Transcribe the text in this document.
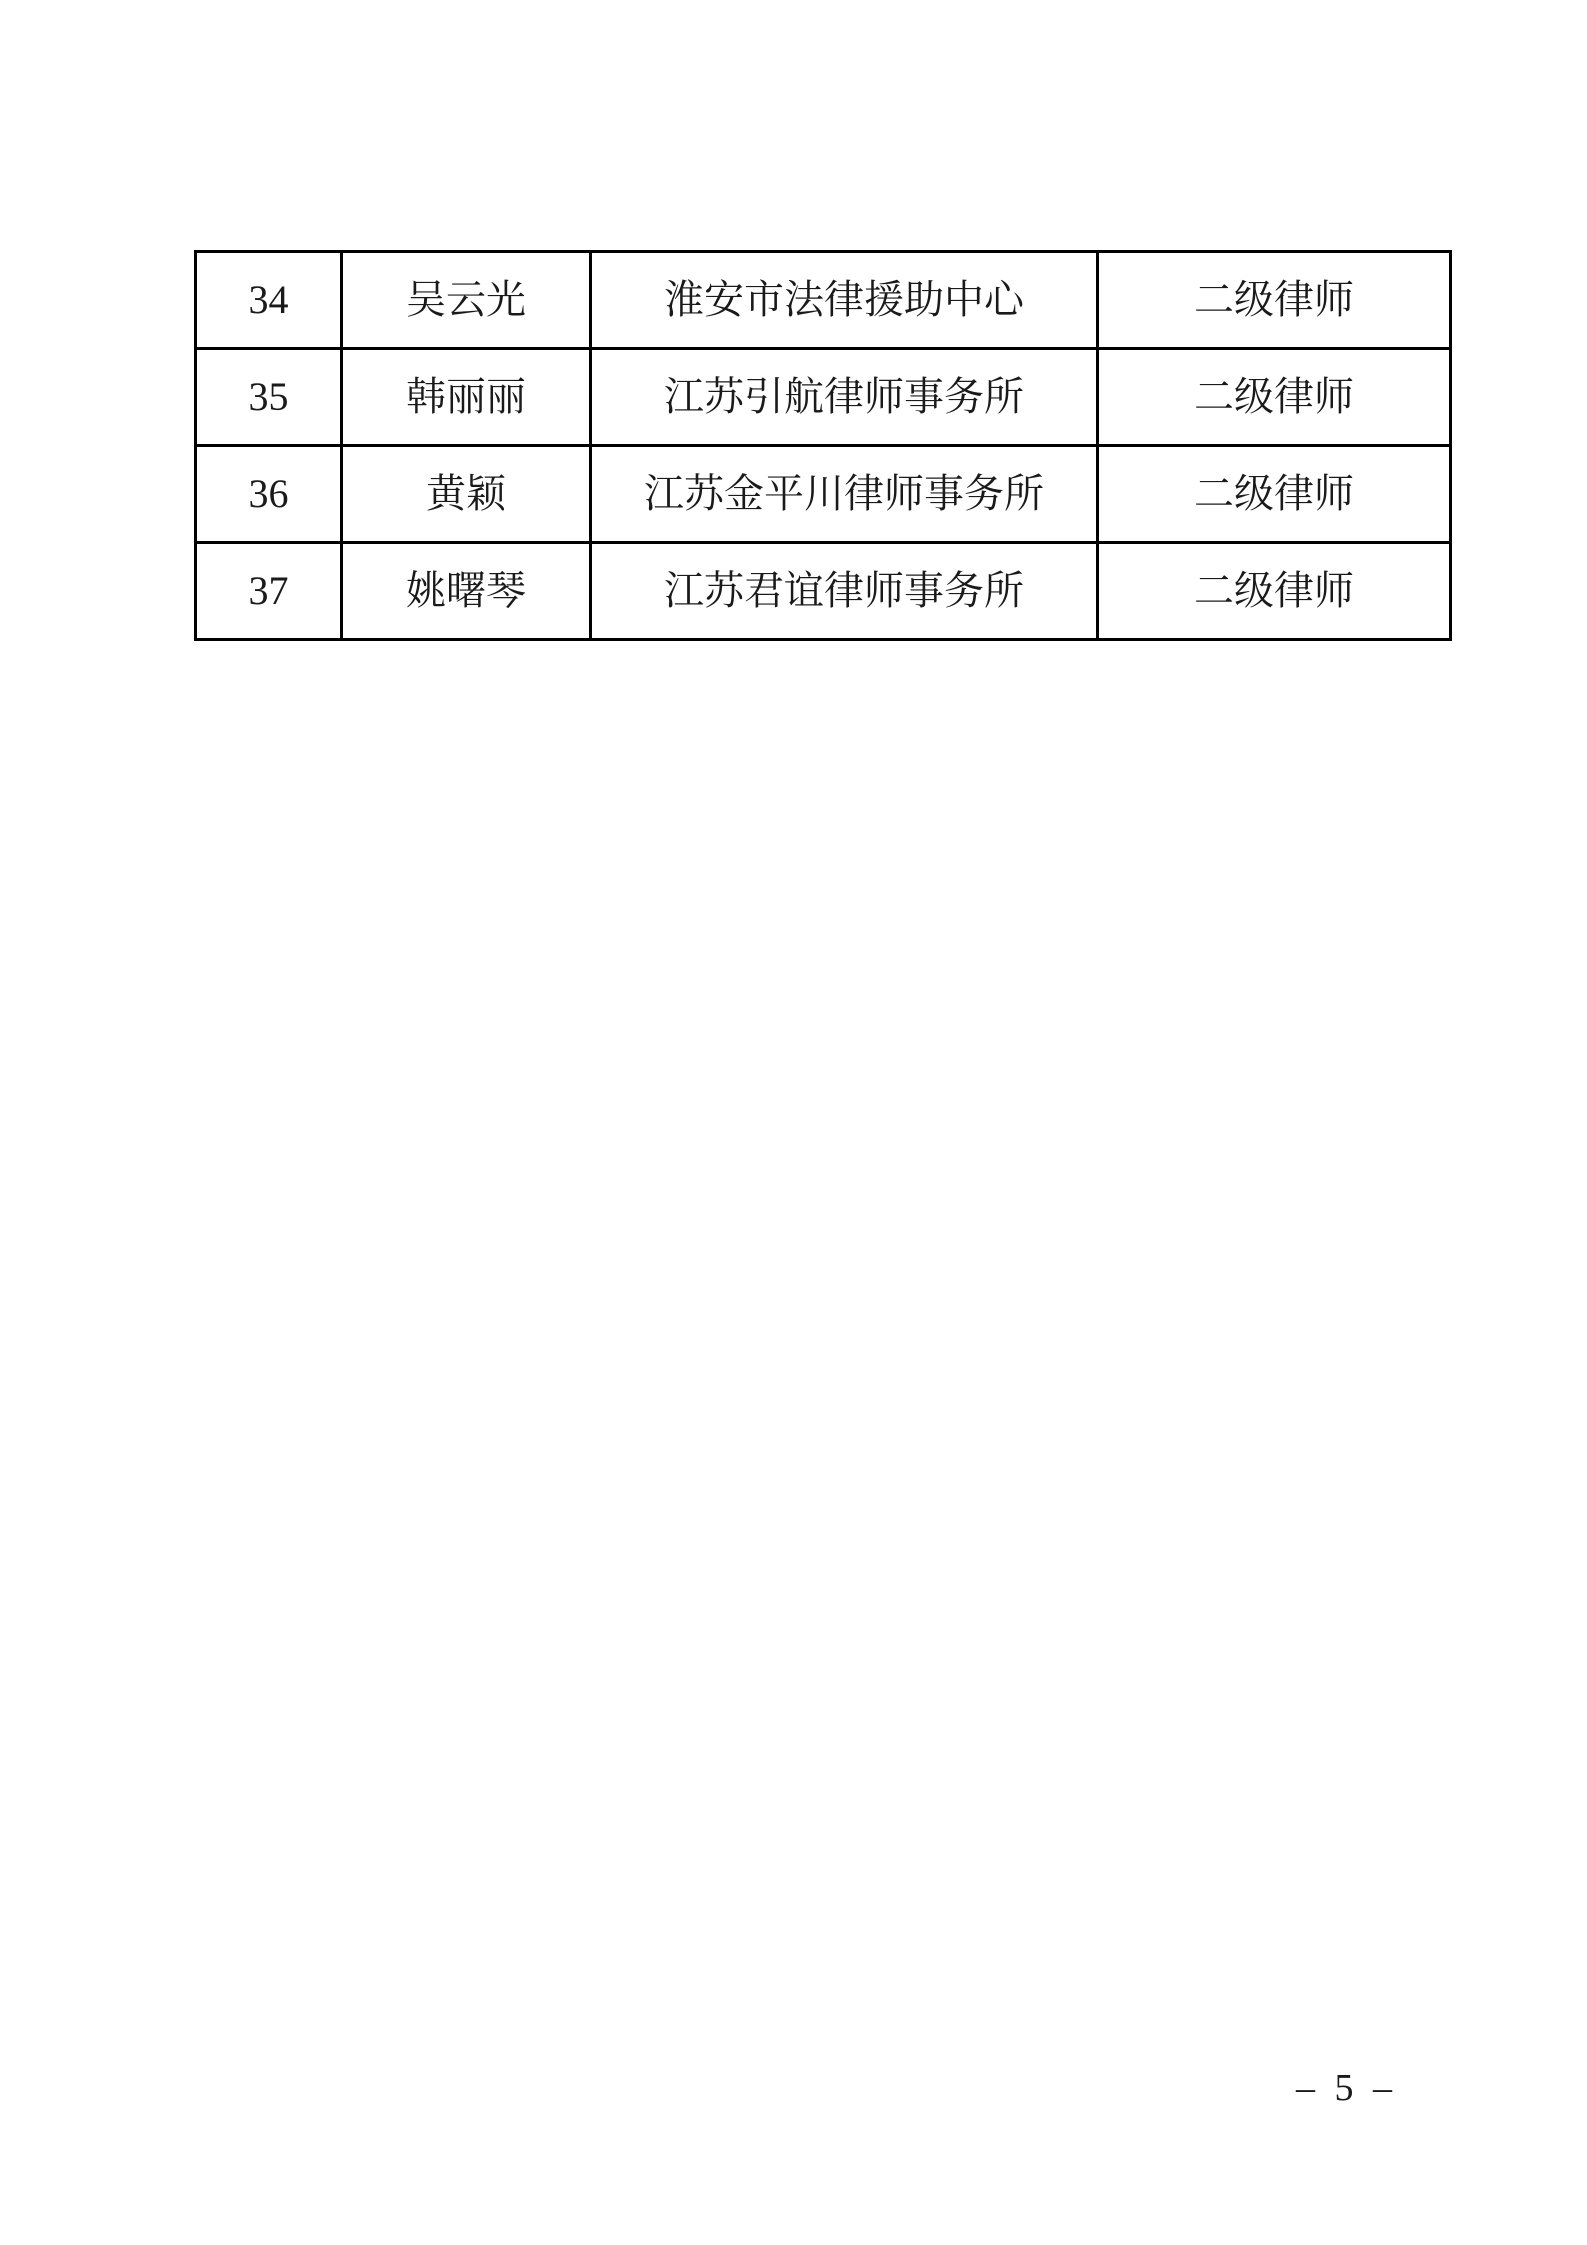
34	吴云光	淮安市法律援助中心	二级律师
35	韩丽丽	江苏引航律师事务所	二级律师
36	黄颖	江苏金平川律师事务所	二级律师
37	姚曙琴	江苏君谊律师事务所	二级律师
– 5 –
